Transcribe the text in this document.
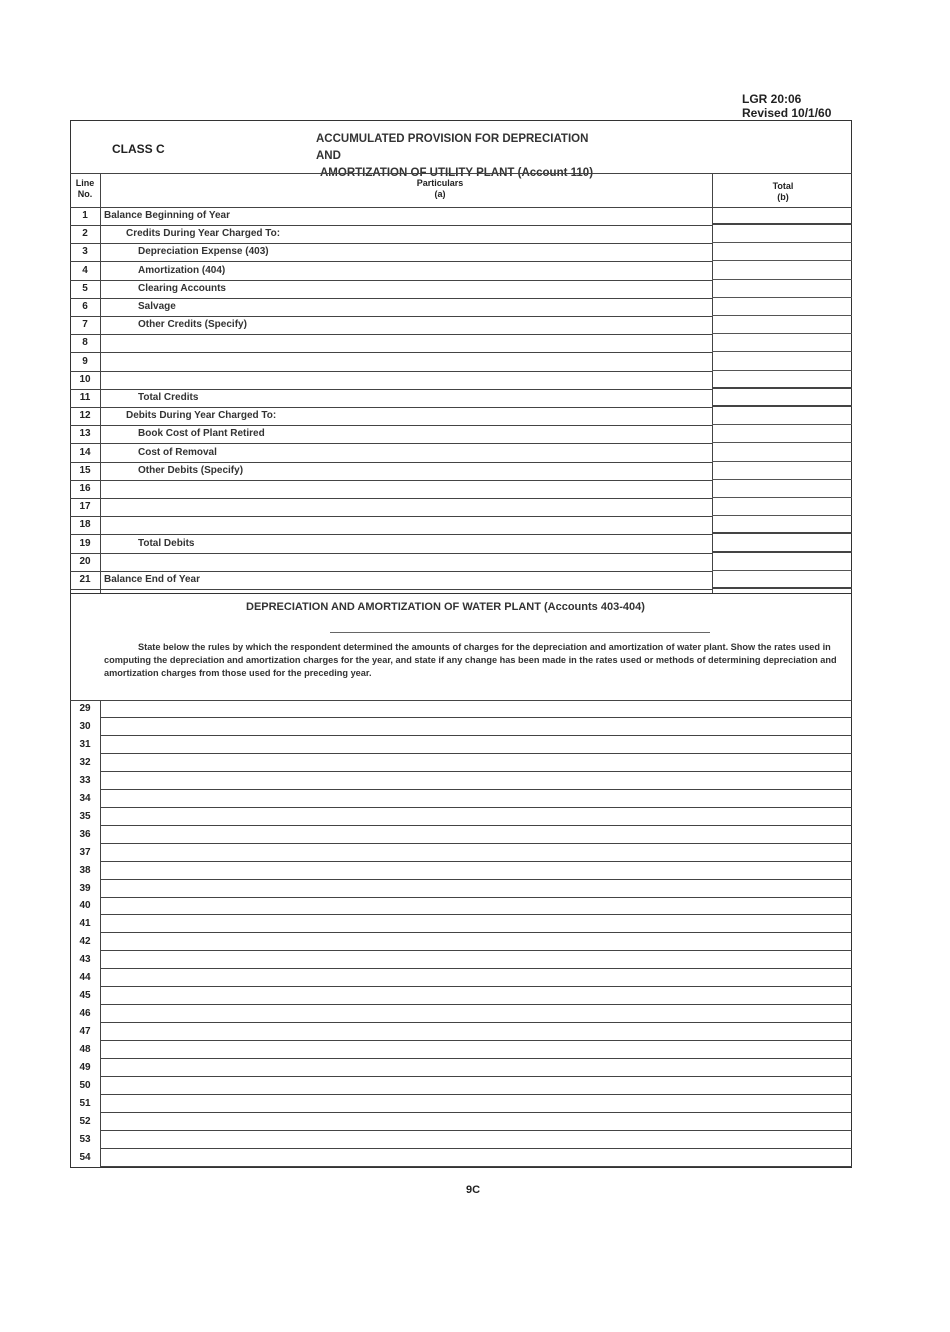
LGR 20:06
Revised 10/1/60
CLASS C
ACCUMULATED PROVISION FOR DEPRECIATION AND
AMORTIZATION OF UTILITY PLANT (Account 110)
Line
No.
Particulars
(a)
Total
(b)
1	Balance Beginning of Year
2	Credits During Year Charged To:
3	Depreciation Expense (403)
4	Amortization (404)
5	Clearing Accounts
6	Salvage
7	Other Credits (Specify)
8
9
10
11	Total Credits
12	Debits During Year Charged To:
13	Book Cost of Plant Retired
14	Cost of Removal
15	Other Debits (Specify)
16
17
18
19	Total Debits
20
21	Balance End of Year
DEPRECIATION AND AMORTIZATION OF WATER PLANT (Accounts 403-404)
State below the rules by which the respondent determined the amounts of charges for the depreciation and amortization of water plant. Show the rates used in computing the depreciation and amortization charges for the year, and state if any change has been made in the rates used or methods of determining depreciation and amortization charges from those used for the preceding year.
29
30
31
32
33
34
35
36
37
38
39
40
41
42
43
44
45
46
47
48
49
50
51
52
53
54
9C
